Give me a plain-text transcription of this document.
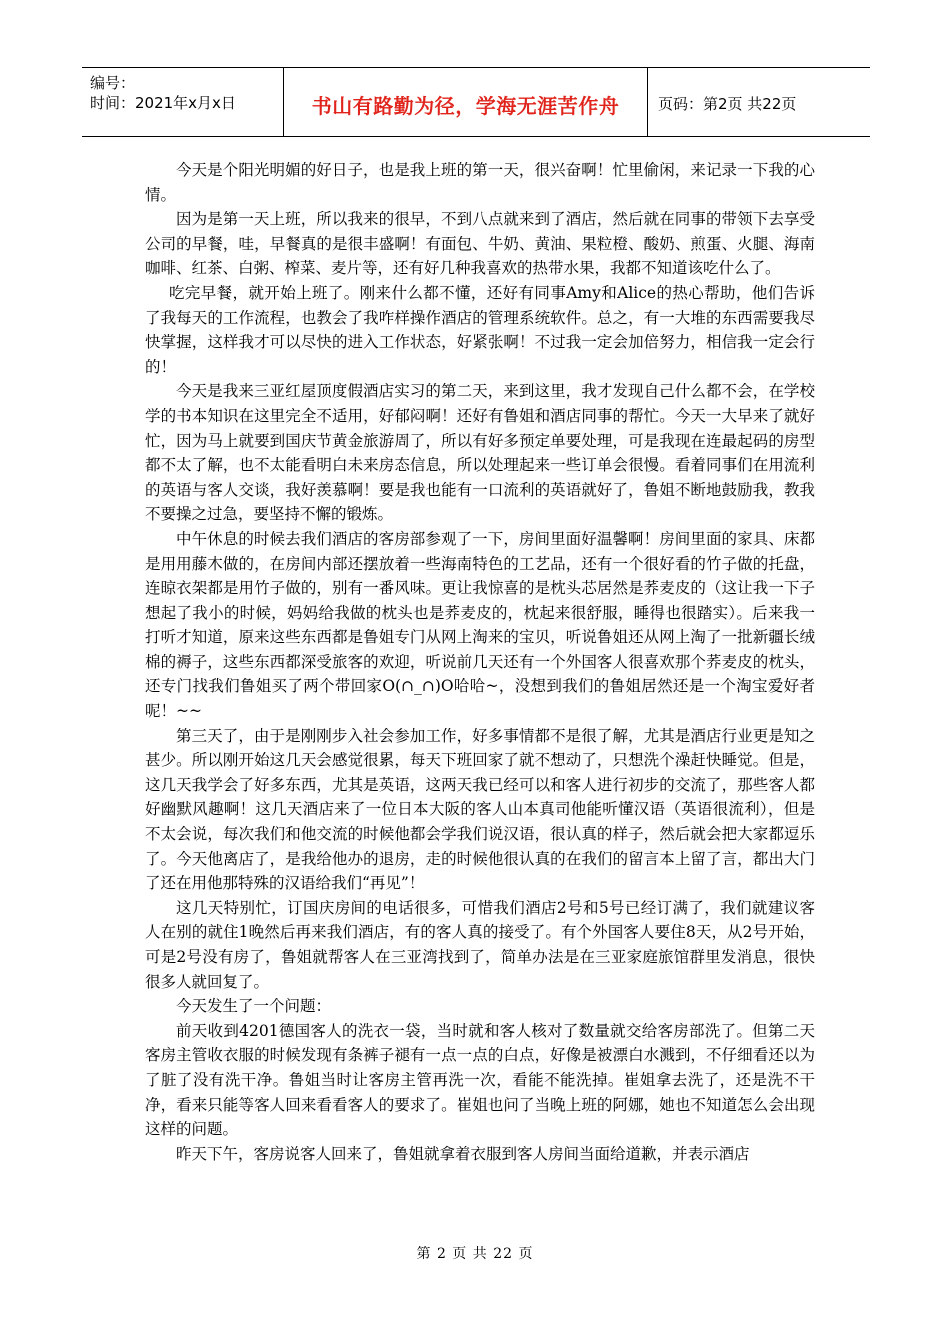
编号：
时间：2021年x月x日	书山有路勤为径，学海无涯苦作舟	页码：第2页 共22页

今天是个阳光明媚的好日子，也是我上班的第一天，很兴奋啊！忙里偷闲，来记录一下我的心情。

因为是第一天上班，所以我来的很早，不到八点就来到了酒店，然后就在同事的带领下去享受公司的早餐，哇，早餐真的是很丰盛啊！有面包、牛奶、黄油、果粒橙、酸奶、煎蛋、火腿、海南咖啡、红茶、白粥、榨菜、麦片等，还有好几种我喜欢的热带水果，我都不知道该吃什么了。

吃完早餐，就开始上班了。刚来什么都不懂，还好有同事Amy和Alice的热心帮助，他们告诉了我每天的工作流程，也教会了我咋样操作酒店的管理系统软件。总之，有一大堆的东西需要我尽快掌握，这样我才可以尽快的进入工作状态，好紧张啊！不过我一定会加倍努力，相信我一定会行的！

今天是我来三亚红屋顶度假酒店实习的第二天，来到这里，我才发现自己什么都不会，在学校学的书本知识在这里完全不适用，好郁闷啊！还好有鲁姐和酒店同事的帮忙。今天一大早来了就好忙，因为马上就要到国庆节黄金旅游周了，所以有好多预定单要处理，可是我现在连最起码的房型都不太了解，也不太能看明白未来房态信息，所以处理起来一些订单会很慢。看着同事们在用流利的英语与客人交谈，我好羡慕啊！要是我也能有一口流利的英语就好了，鲁姐不断地鼓励我，教我不要操之过急，要坚持不懈的锻炼。

中午休息的时候去我们酒店的客房部参观了一下，房间里面好温馨啊！房间里面的家具、床都是用用藤木做的，在房间内部还摆放着一些海南特色的工艺品，还有一个很好看的竹子做的托盘，连晾衣架都是用竹子做的，别有一番风味。更让我惊喜的是枕头芯居然是荞麦皮的（这让我一下子想起了我小的时候，妈妈给我做的枕头也是荞麦皮的，枕起来很舒服，睡得也很踏实）。后来我一打听才知道，原来这些东西都是鲁姐专门从网上淘来的宝贝，听说鲁姐还从网上淘了一批新疆长绒棉的褥子，这些东西都深受旅客的欢迎，听说前几天还有一个外国客人很喜欢那个荞麦皮的枕头，还专门找我们鲁姐买了两个带回家O(∩_∩)O哈哈~，没想到我们的鲁姐居然还是一个淘宝爱好者呢！~~

第三天了，由于是刚刚步入社会参加工作，好多事情都不是很了解，尤其是酒店行业更是知之甚少。所以刚开始这几天会感觉很累，每天下班回家了就不想动了，只想洗个澡赶快睡觉。但是，这几天我学会了好多东西，尤其是英语，这两天我已经可以和客人进行初步的交流了，那些客人都好幽默风趣啊！这几天酒店来了一位日本大阪的客人山本真司他能听懂汉语（英语很流利），但是不太会说，每次我们和他交流的时候他都会学我们说汉语，很认真的样子，然后就会把大家都逗乐了。今天他离店了，是我给他办的退房，走的时候他很认真的在我们的留言本上留了言，都出大门了还在用他那特殊的汉语给我们“再见”！

这几天特别忙，订国庆房间的电话很多，可惜我们酒店2号和5号已经订满了，我们就建议客人在别的就住1晚然后再来我们酒店，有的客人真的接受了。有个外国客人要住8天，从2号开始，可是2号没有房了，鲁姐就帮客人在三亚湾找到了，简单办法是在三亚家庭旅馆群里发消息，很快很多人就回复了。

今天发生了一个问题：

前天收到4201德国客人的洗衣一袋，当时就和客人核对了数量就交给客房部洗了。但第二天客房主管收衣服的时候发现有条裤子褪有一点一点的白点，好像是被漂白水溅到，不仔细看还以为了脏了没有洗干净。鲁姐当时让客房主管再洗一次，看能不能洗掉。崔姐拿去洗了，还是洗不干净，看来只能等客人回来看看客人的要求了。崔姐也问了当晚上班的阿娜，她也不知道怎么会出现这样的问题。

昨天下午，客房说客人回来了，鲁姐就拿着衣服到客人房间当面给道歉，并表示酒店

第 2 页 共 22 页
